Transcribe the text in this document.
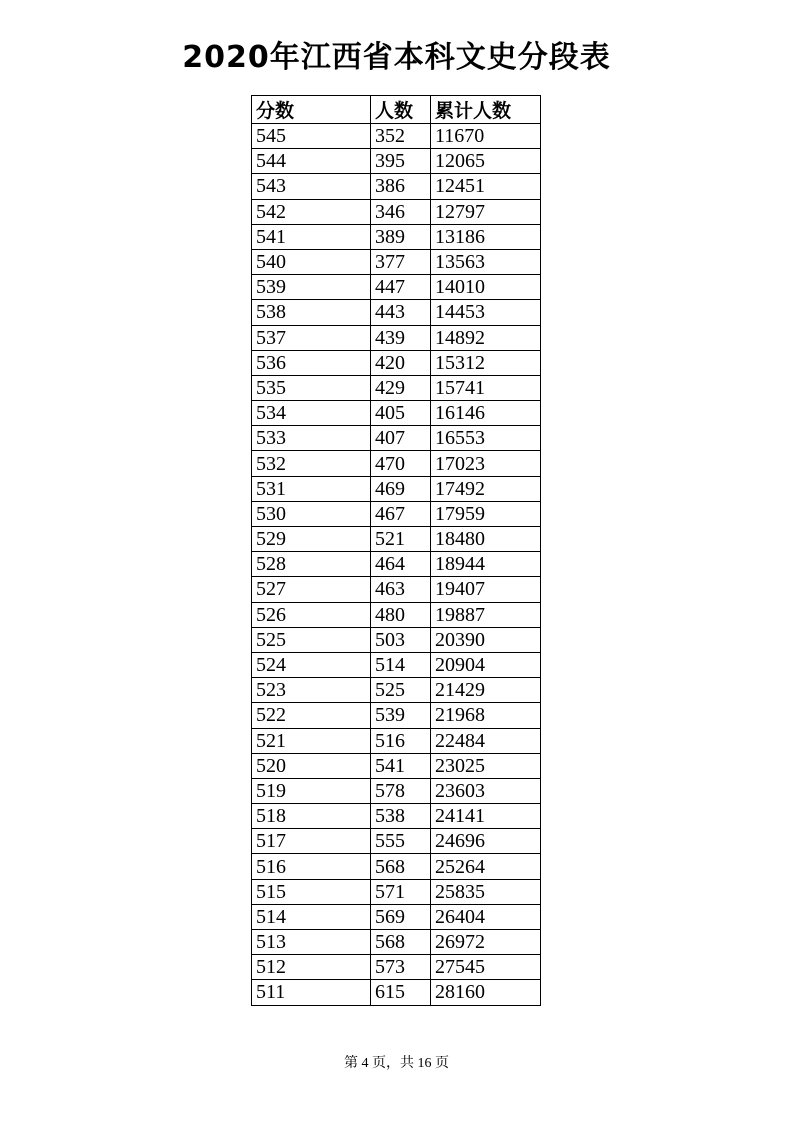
2020年江西省本科文史分段表
分数	人数	累计人数
545	352	11670
544	395	12065
543	386	12451
542	346	12797
541	389	13186
540	377	13563
539	447	14010
538	443	14453
537	439	14892
536	420	15312
535	429	15741
534	405	16146
533	407	16553
532	470	17023
531	469	17492
530	467	17959
529	521	18480
528	464	18944
527	463	19407
526	480	19887
525	503	20390
524	514	20904
523	525	21429
522	539	21968
521	516	22484
520	541	23025
519	578	23603
518	538	24141
517	555	24696
516	568	25264
515	571	25835
514	569	26404
513	568	26972
512	573	27545
511	615	28160
第 4 页，共 16 页
